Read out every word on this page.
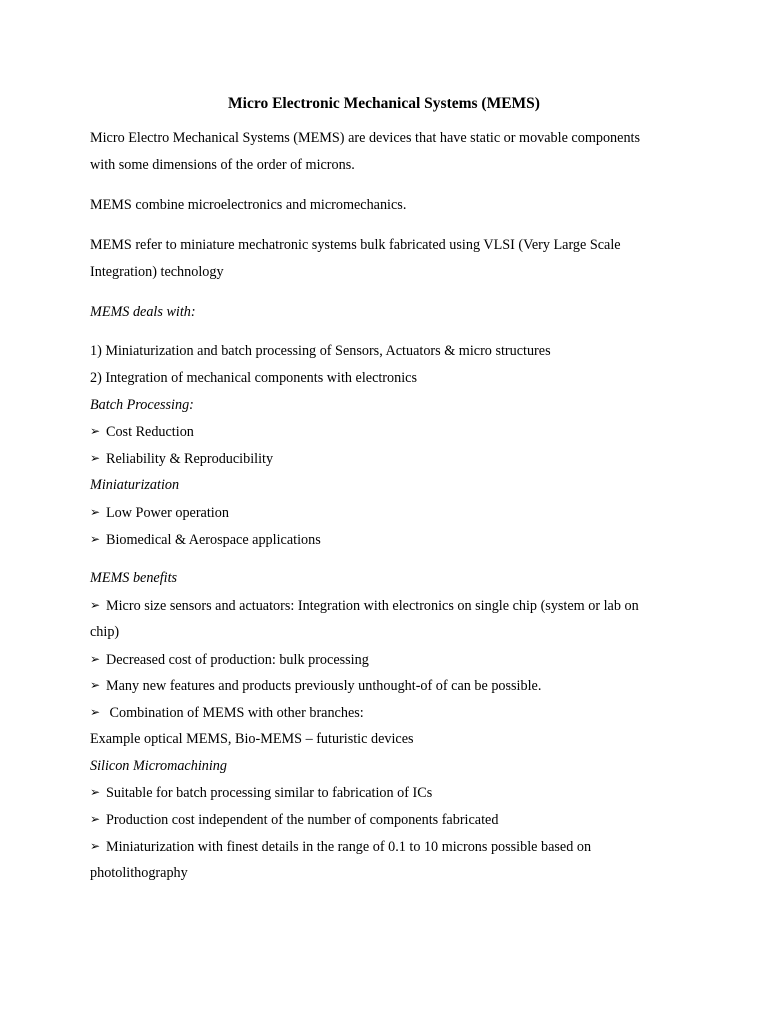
Micro Electronic Mechanical Systems (MEMS)
Micro Electro Mechanical Systems (MEMS) are devices that have static or movable components
with some dimensions of the order of microns.
MEMS combine microelectronics and micromechanics.
MEMS refer to miniature mechatronic systems bulk fabricated using VLSI (Very Large Scale
Integration) technology
MEMS deals with:
1) Miniaturization and batch processing of Sensors, Actuators & micro structures
2) Integration of mechanical components with electronics
Batch Processing:
➢ Cost Reduction
➢ Reliability & Reproducibility
Miniaturization
➢ Low Power operation
➢ Biomedical & Aerospace applications
MEMS benefits
➢ Micro size sensors and actuators: Integration with electronics on single chip (system or lab on
chip)
➢ Decreased cost of production: bulk processing
➢ Many new features and products previously unthought-of of can be possible.
➢ Combination of MEMS with other branches:
Example optical MEMS, Bio-MEMS – futuristic devices
Silicon Micromachining
➢ Suitable for batch processing similar to fabrication of ICs
➢ Production cost independent of the number of components fabricated
➢ Miniaturization with finest details in the range of 0.1 to 10 microns possible based on
photolithography
